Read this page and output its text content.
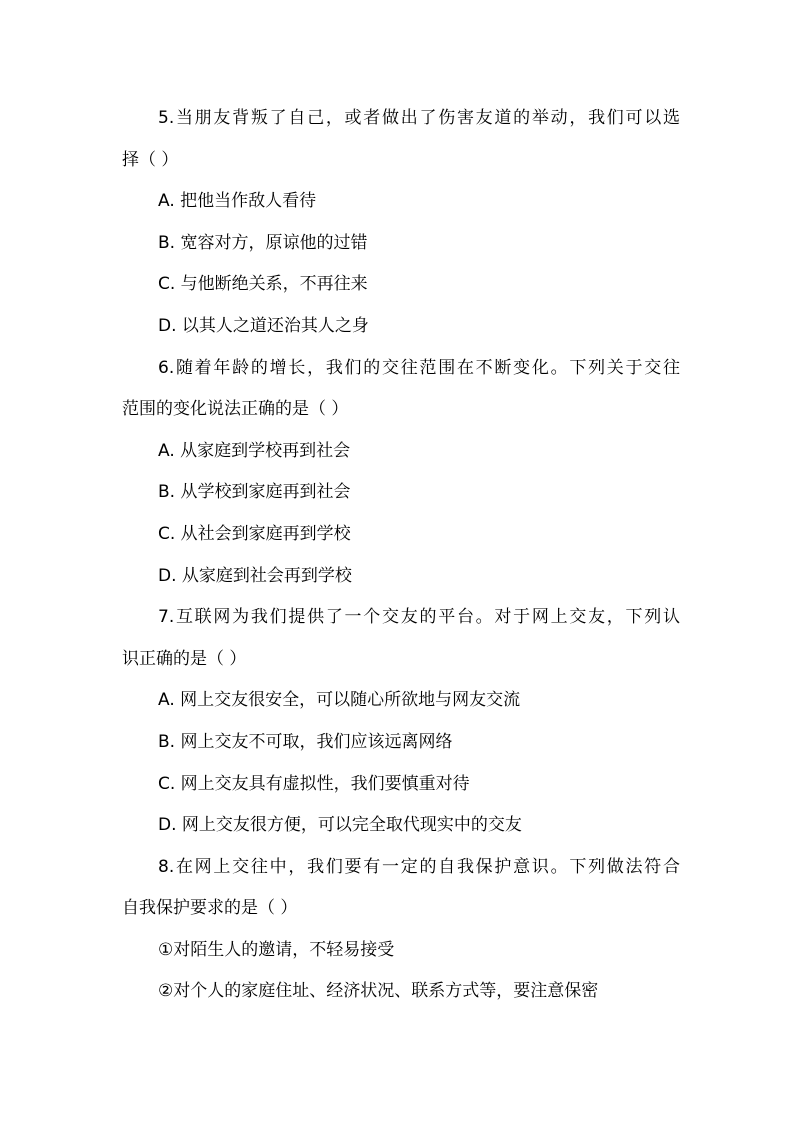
5.当朋友背叛了自己，或者做出了伤害友道的举动，我们可以选
择（ ）
A. 把他当作敌人看待
B. 宽容对方，原谅他的过错
C. 与他断绝关系，不再往来
D. 以其人之道还治其人之身
6.随着年龄的增长，我们的交往范围在不断变化。下列关于交往
范围的变化说法正确的是（ ）
A. 从家庭到学校再到社会
B. 从学校到家庭再到社会
C. 从社会到家庭再到学校
D. 从家庭到社会再到学校
7.互联网为我们提供了一个交友的平台。对于网上交友，下列认
识正确的是（ ）
A. 网上交友很安全，可以随心所欲地与网友交流
B. 网上交友不可取，我们应该远离网络
C. 网上交友具有虚拟性，我们要慎重对待
D. 网上交友很方便，可以完全取代现实中的交友
8.在网上交往中，我们要有一定的自我保护意识。下列做法符合
自我保护要求的是（ ）
①对陌生人的邀请，不轻易接受
②对个人的家庭住址、经济状况、联系方式等，要注意保密
